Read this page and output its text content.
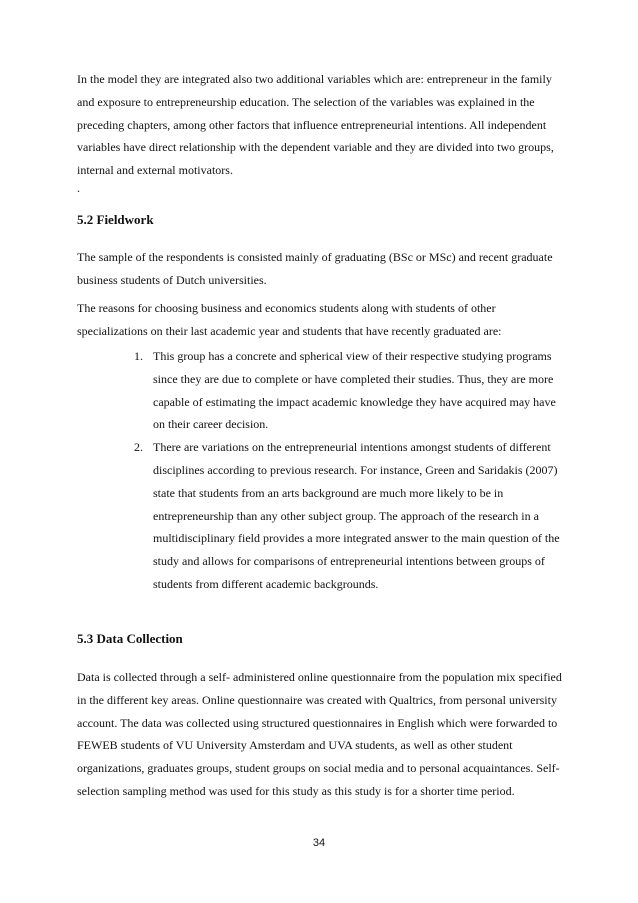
In the model they are integrated also two additional variables which are: entrepreneur in the family and exposure to entrepreneurship education. The selection of the variables was explained in the preceding chapters, among other factors that influence entrepreneurial intentions. All independent variables have direct relationship with the dependent variable and they are divided into two groups, internal and external motivators.

.

5.2 Fieldwork

The sample of the respondents is consisted mainly of graduating (BSc or MSc) and recent graduate business students of Dutch universities.

The reasons for choosing business and economics students along with students of other specializations on their last academic year and students that have recently graduated are:

1. This group has a concrete and spherical view of their respective studying programs since they are due to complete or have completed their studies. Thus, they are more capable of estimating the impact academic knowledge they have acquired may have on their career decision.
2. There are variations on the entrepreneurial intentions amongst students of different disciplines according to previous research. For instance, Green and Saridakis (2007) state that students from an arts background are much more likely to be in entrepreneurship than any other subject group. The approach of the research in a multidisciplinary field provides a more integrated answer to the main question of the study and allows for comparisons of entrepreneurial intentions between groups of students from different academic backgrounds.
5.3 Data Collection

Data is collected through a self- administered online questionnaire from the population mix specified in the different key areas. Online questionnaire was created with Qualtrics, from personal university account. The data was collected using structured questionnaires in English which were forwarded to FEWEB students of VU University Amsterdam and UVA students, as well as other student organizations, graduates groups, student groups on social media and to personal acquaintances. Self-selection sampling method was used for this study as this study is for a shorter time period.

34
